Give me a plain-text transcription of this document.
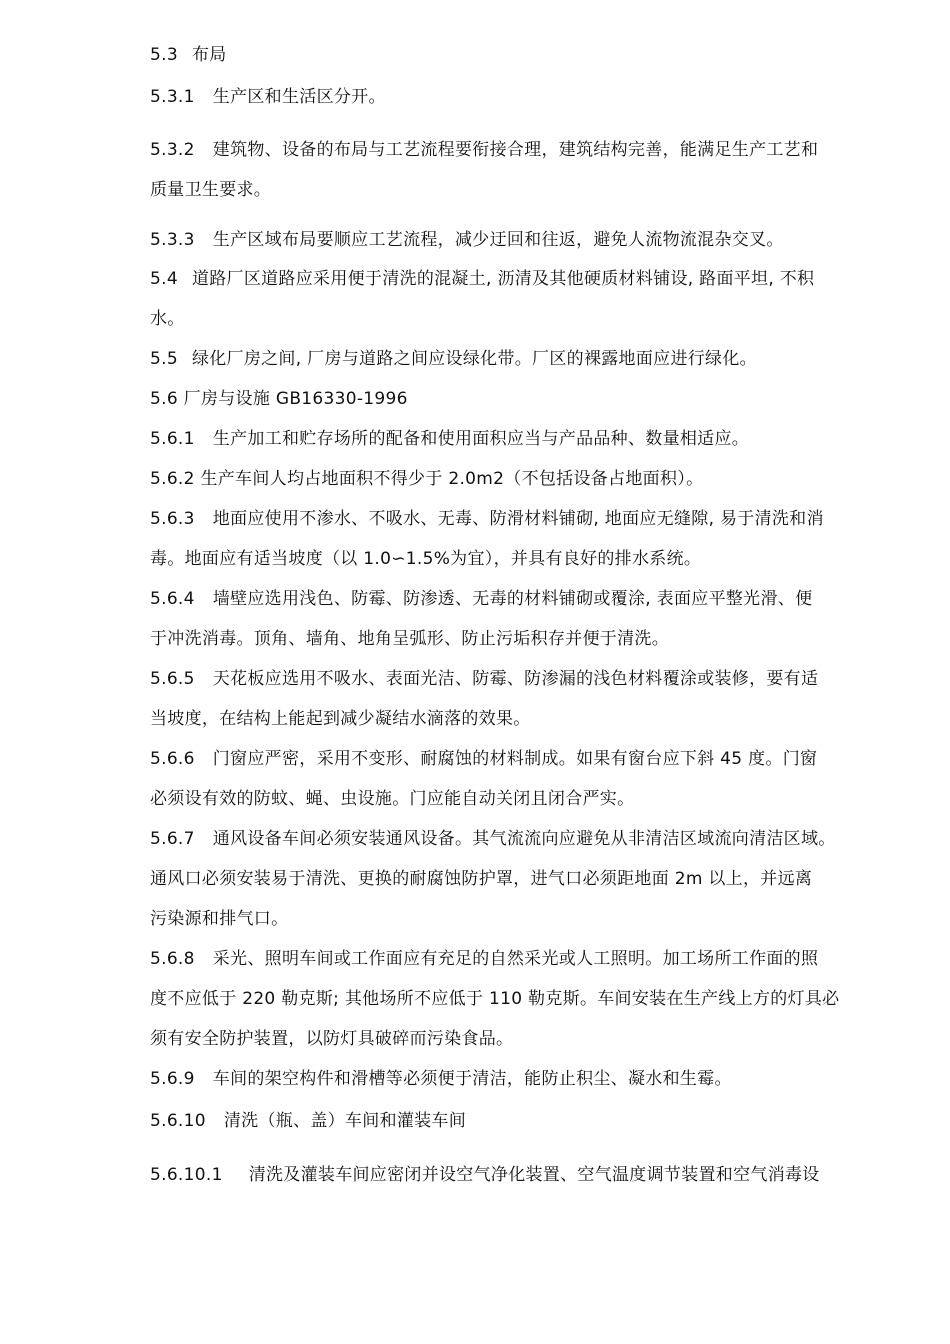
5.3 布局
5.3.1 生产区和生活区分开。
5.3.2 建筑物、设备的布局与工艺流程要衔接合理，建筑结构完善，能满足生产工艺和
质量卫生要求。
5.3.3 生产区域布局要顺应工艺流程，减少迂回和往返，避免人流物流混杂交叉。
5.4 道路厂区道路应采用便于清洗的混凝土, 沥清及其他硬质材料铺设, 路面平坦, 不积
水。
5.5 绿化厂房之间, 厂房与道路之间应设绿化带。厂区的裸露地面应进行绿化。
5.6 厂房与设施 GB16330-1996
5.6.1 生产加工和贮存场所的配备和使用面积应当与产品品种、数量相适应。
5.6.2 生产车间人均占地面积不得少于 2.0m2（不包括设备占地面积）。
5.6.3 地面应使用不渗水、不吸水、无毒、防滑材料铺砌, 地面应无缝隙, 易于清洗和消
毒。地面应有适当坡度（以 1.0∽1.5%为宜），并具有良好的排水系统。
5.6.4 墙壁应选用浅色、防霉、防渗透、无毒的材料铺砌或覆涂, 表面应平整光滑、便
于冲洗消毒。顶角、墙角、地角呈弧形、防止污垢积存并便于清洗。
5.6.5 天花板应选用不吸水、表面光洁、防霉、防渗漏的浅色材料覆涂或装修，要有适
当坡度，在结构上能起到减少凝结水滴落的效果。
5.6.6 门窗应严密，采用不变形、耐腐蚀的材料制成。如果有窗台应下斜 45 度。门窗
必须设有效的防蚊、蝇、虫设施。门应能自动关闭且闭合严实。
5.6.7 通风设备车间必须安装通风设备。其气流流向应避免从非清洁区域流向清洁区域。
通风口必须安装易于清洗、更换的耐腐蚀防护罩，进气口必须距地面 2m 以上，并远离
污染源和排气口。
5.6.8 采光、照明车间或工作面应有充足的自然采光或人工照明。加工场所工作面的照
度不应低于 220 勒克斯; 其他场所不应低于 110 勒克斯。车间安装在生产线上方的灯具必
须有安全防护装置，以防灯具破碎而污染食品。
5.6.9 车间的架空构件和滑槽等必须便于清洁，能防止积尘、凝水和生霉。
5.6.10 清洗（瓶、盖）车间和灌装车间
5.6.10.1 清洗及灌装车间应密闭并设空气净化装置、空气温度调节装置和空气消毒设
